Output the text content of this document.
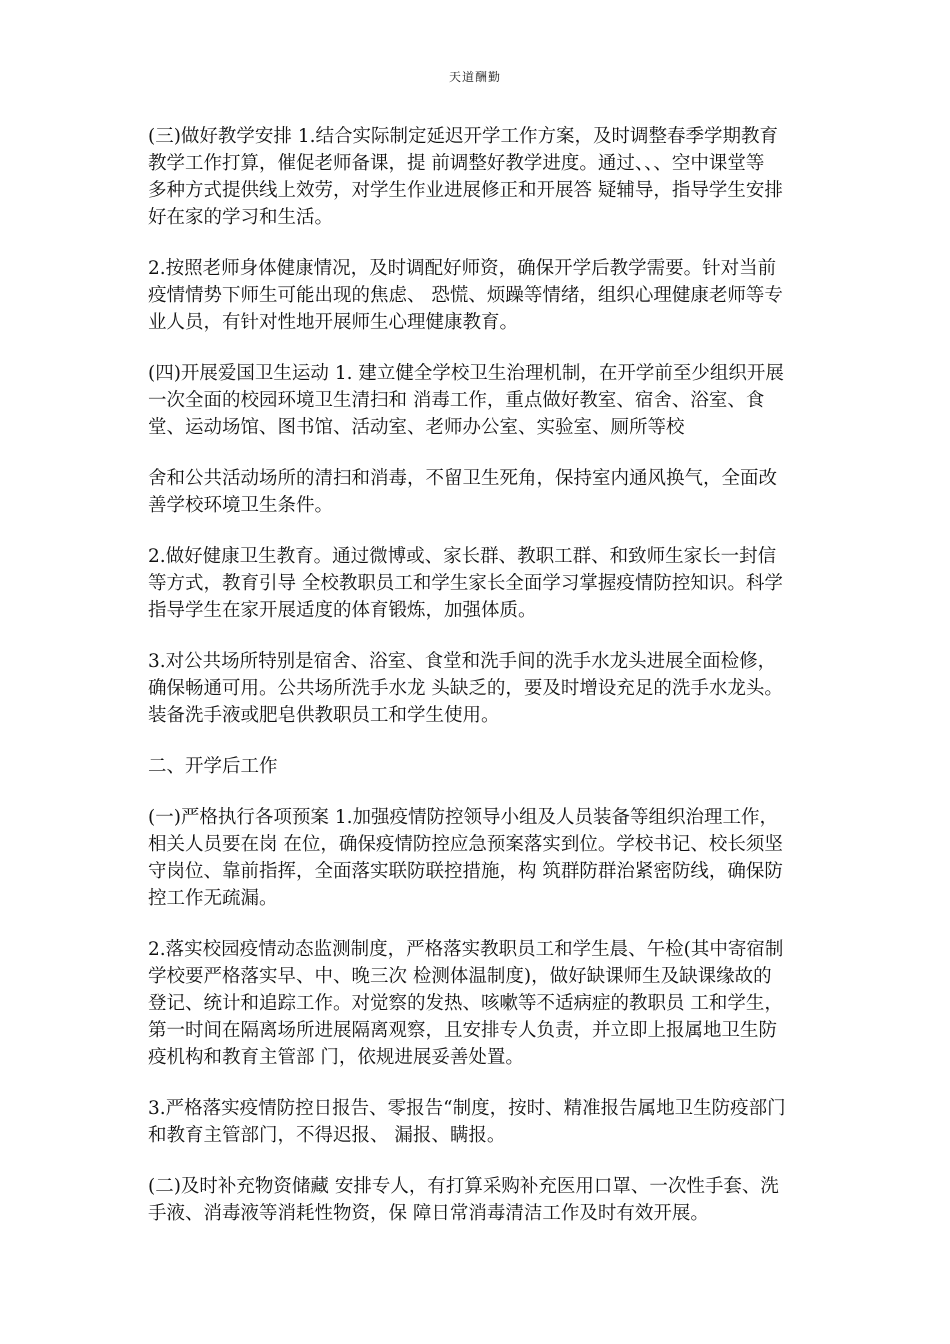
天道酬勤

(三)做好教学安排 1.结合实际制定延迟开学工作方案，及时调整春季学期教育
教学工作打算，催促老师备课，提 前调整好教学进度。通过、、、空中课堂等
多种方式提供线上效劳，对学生作业进展修正和开展答 疑辅导，指导学生安排
好在家的学习和生活。

2.按照老师身体健康情况，及时调配好师资，确保开学后教学需要。针对当前
疫情情势下师生可能出现的焦虑、 恐慌、烦躁等情绪，组织心理健康老师等专
业人员，有针对性地开展师生心理健康教育。

(四)开展爱国卫生运动 1. 建立健全学校卫生治理机制，在开学前至少组织开展
一次全面的校园环境卫生清扫和 消毒工作，重点做好教室、宿舍、浴室、食
堂、运动场馆、图书馆、活动室、老师办公室、实验室、厕所等校

舍和公共活动场所的清扫和消毒，不留卫生死角，保持室内通风换气，全面改
善学校环境卫生条件。

2.做好健康卫生教育。通过微博或、家长群、教职工群、和致师生家长一封信
等方式，教育引导 全校教职员工和学生家长全面学习掌握疫情防控知识。科学
指导学生在家开展适度的体育锻炼，加强体质。

3.对公共场所特别是宿舍、浴室、食堂和洗手间的洗手水龙头进展全面检修，
确保畅通可用。公共场所洗手水龙 头缺乏的，要及时增设充足的洗手水龙头。
装备洗手液或肥皂供教职员工和学生使用。

二、开学后工作

(一)严格执行各项预案 1.加强疫情防控领导小组及人员装备等组织治理工作，
相关人员要在岗 在位，确保疫情防控应急预案落实到位。学校书记、校长须坚
守岗位、靠前指挥，全面落实联防联控措施，构 筑群防群治紧密防线，确保防
控工作无疏漏。

2.落实校园疫情动态监测制度，严格落实教职员工和学生晨、午检(其中寄宿制
学校要严格落实早、中、晚三次 检测体温制度)，做好缺课师生及缺课缘故的
登记、统计和追踪工作。对觉察的发热、咳嗽等不适病症的教职员 工和学生，
第一时间在隔离场所进展隔离观察，且安排专人负责，并立即上报属地卫生防
疫机构和教育主管部 门，依规进展妥善处置。

3.严格落实疫情防控日报告、零报告“制度，按时、精准报告属地卫生防疫部门
和教育主管部门，不得迟报、 漏报、瞒报。

(二)及时补充物资储藏 安排专人，有打算采购补充医用口罩、一次性手套、洗
手液、消毒液等消耗性物资，保 障日常消毒清洁工作及时有效开展。
